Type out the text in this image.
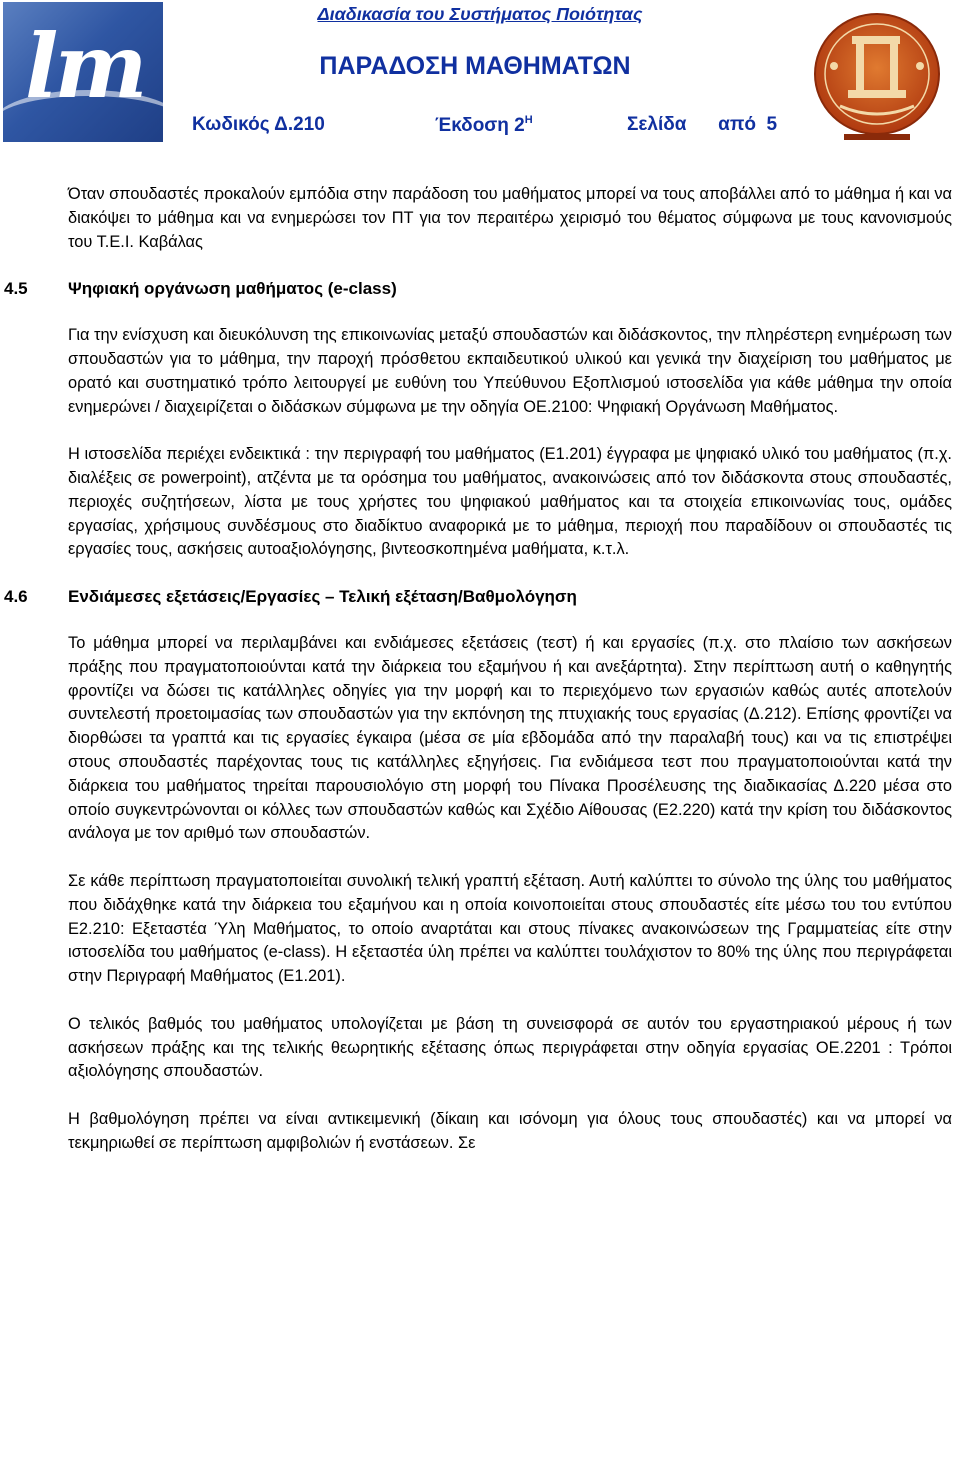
lm	Διαδικασία του Συστήματος Ποιότητας
ΠΑΡΑΔΟΣΗ ΜΑΘΗΜΑΤΩΝ
Κωδικός Δ.210	Έκδοση $2^H$	Σελίδα      από  5

Όταν σπουδαστές προκαλούν εμπόδια στην παράδοση του μαθήματος μπορεί να τους αποβάλλει από το μάθημα ή και να διακόψει το μάθημα και να ενημερώσει τον ΠΤ για τον περαιτέρω χειρισμό του θέματος σύμφωνα με τους κανονισμούς του Τ.Ε.Ι. Καβάλας

4.5 Ψηφιακή οργάνωση μαθήματος (e-class)

Για την ενίσχυση και διευκόλυνση της επικοινωνίας μεταξύ σπουδαστών και διδάσκοντος, την πληρέστερη ενημέρωση των σπουδαστών για το μάθημα, την παροχή πρόσθετου εκπαιδευτικού υλικού και γενικά την διαχείριση του μαθήματος με ορατό και συστηματικό τρόπο λειτουργεί με ευθύνη του Υπεύθυνου Εξοπλισμού ιστοσελίδα για κάθε μάθημα την οποία ενημερώνει / διαχειρίζεται ο διδάσκων σύμφωνα με την οδηγία ΟΕ.2100: Ψηφιακή Οργάνωση Μαθήματος.

Η ιστοσελίδα περιέχει ενδεικτικά : την περιγραφή του μαθήματος (Ε1.201) έγγραφα με ψηφιακό υλικό του μαθήματος (π.χ. διαλέξεις σε powerpoint), ατζέντα με τα ορόσημα του μαθήματος, ανακοινώσεις από τον διδάσκοντα στους σπουδαστές, περιοχές συζητήσεων, λίστα με τους χρήστες του ψηφιακού μαθήματος και τα στοιχεία επικοινωνίας τους, ομάδες εργασίας, χρήσιμους συνδέσμους στο διαδίκτυο αναφορικά με το μάθημα, περιοχή που παραδίδουν οι σπουδαστές τις εργασίες τους, ασκήσεις αυτοαξιολόγησης, βιντεοσκοπημένα μαθήματα, κ.τ.λ.

4.6 Ενδιάμεσες εξετάσεις/Εργασίες – Τελική εξέταση/Βαθμολόγηση

Το μάθημα μπορεί να περιλαμβάνει και ενδιάμεσες εξετάσεις (τεστ) ή και εργασίες (π.χ. στο πλαίσιο των ασκήσεων πράξης που πραγματοποιούνται κατά την διάρκεια του εξαμήνου ή και ανεξάρτητα). Στην περίπτωση αυτή ο καθηγητής φροντίζει να δώσει τις κατάλληλες οδηγίες για την μορφή και το περιεχόμενο των εργασιών καθώς αυτές αποτελούν συντελεστή προετοιμασίας των σπουδαστών για την εκπόνηση της πτυχιακής τους εργασίας (Δ.212). Επίσης φροντίζει να διορθώσει τα γραπτά και τις εργασίες έγκαιρα (μέσα σε μία εβδομάδα από την παραλαβή τους) και να τις επιστρέψει στους σπουδαστές παρέχοντας τους τις κατάλληλες εξηγήσεις. Για ενδιάμεσα τεστ που πραγματοποιούνται κατά την διάρκεια του μαθήματος τηρείται παρουσιολόγιο στη μορφή του Πίνακα Προσέλευσης της διαδικασίας Δ.220 μέσα στο οποίο συγκεντρώνονται οι κόλλες των σπουδαστών καθώς και Σχέδιο Αίθουσας (Ε2.220) κατά την κρίση του διδάσκοντος ανάλογα με τον αριθμό των σπουδαστών.

Σε κάθε περίπτωση πραγματοποιείται συνολική τελική γραπτή εξέταση. Αυτή καλύπτει το σύνολο της ύλης του μαθήματος που διδάχθηκε κατά την διάρκεια του εξαμήνου και η οποία κοινοποιείται στους σπουδαστές είτε μέσω του του εντύπου Ε2.210: Εξεταστέα Ύλη Μαθήματος, το οποίο αναρτάται και στους πίνακες ανακοινώσεων της Γραμματείας είτε στην ιστοσελίδα του μαθήματος (e-class). Η εξεταστέα ύλη πρέπει να καλύπτει τουλάχιστον το 80% της ύλης που περιγράφεται στην Περιγραφή Μαθήματος (Ε1.201).

Ο τελικός βαθμός του μαθήματος υπολογίζεται με βάση τη συνεισφορά σε αυτόν του εργαστηριακού μέρους ή των ασκήσεων πράξης και της τελικής θεωρητικής εξέτασης όπως περιγράφεται στην οδηγία εργασίας ΟΕ.2201 : Τρόποι αξιολόγησης σπουδαστών.

Η βαθμολόγηση πρέπει να είναι αντικειμενική (δίκαιη και ισόνομη για όλους τους σπουδαστές) και να μπορεί να τεκμηριωθεί σε περίπτωση αμφιβολιών ή ενστάσεων. Σε
